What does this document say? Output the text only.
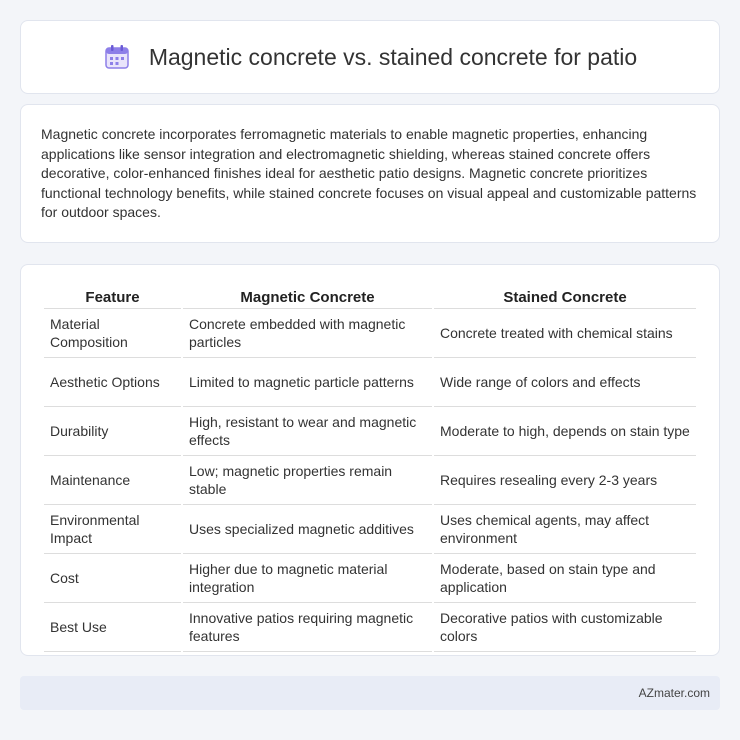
Magnetic concrete vs. stained concrete for patio

Magnetic concrete incorporates ferromagnetic materials to enable magnetic properties, enhancing applications like sensor integration and electromagnetic shielding, whereas stained concrete offers decorative, color-enhanced finishes ideal for aesthetic patio designs. Magnetic concrete prioritizes functional technology benefits, while stained concrete focuses on visual appeal and customizable patterns for outdoor spaces.

Feature	Magnetic Concrete	Stained Concrete
Material Composition	Concrete embedded with magnetic particles	Concrete treated with chemical stains
Aesthetic Options	Limited to magnetic particle patterns	Wide range of colors and effects
Durability	High, resistant to wear and magnetic effects	Moderate to high, depends on stain type
Maintenance	Low; magnetic properties remain stable	Requires resealing every 2-3 years
Environmental Impact	Uses specialized magnetic additives	Uses chemical agents, may affect environment
Cost	Higher due to magnetic material integration	Moderate, based on stain type and application
Best Use	Innovative patios requiring magnetic features	Decorative patios with customizable colors
AZmater.com
